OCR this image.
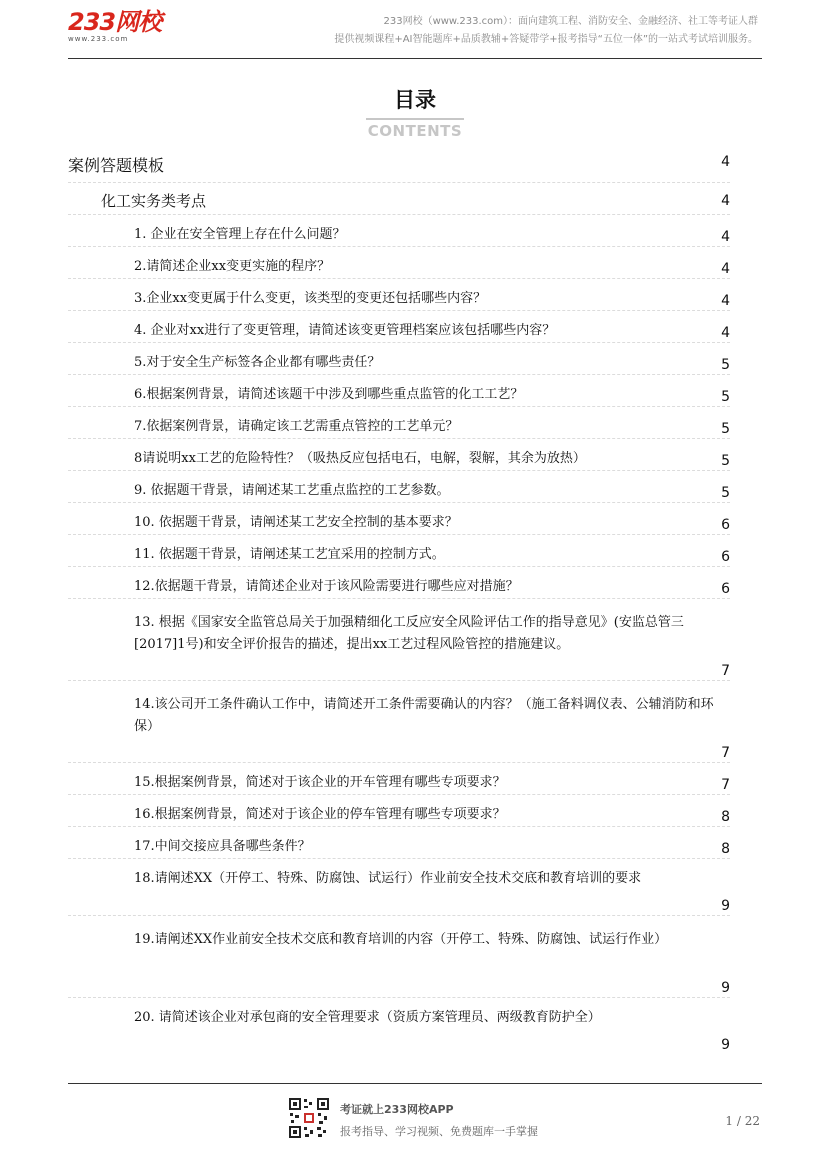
233网校
www.233.com
233网校（www.233.com）：面向建筑工程、消防安全、金融经济、社工等考证人群
提供视频课程+AI智能题库+品质教辅+答疑带学+报考指导“五位一体”的一站式考试培训服务。
目录
CONTENTS
案例答题模板	4
化工实务类考点	4
1. 企业在安全管理上存在什么问题？	4
2.请简述企业xx变更实施的程序？	4
3.企业xx变更属于什么变更，该类型的变更还包括哪些内容？	4
4. 企业对xx进行了变更管理，请简述该变更管理档案应该包括哪些内容？	4
5.对于安全生产标签各企业都有哪些责任？	5
6.根据案例背景，请简述该题干中涉及到哪些重点监管的化工工艺？	5
7.依据案例背景，请确定该工艺需重点管控的工艺单元？	5
8请说明xx工艺的危险特性？（吸热反应包括电石，电解，裂解，其余为放热）	5
9. 依据题干背景，请阐述某工艺重点监控的工艺参数。	5
10. 依据题干背景，请阐述某工艺安全控制的基本要求？	6
11. 依据题干背景，请阐述某工艺宜采用的控制方式。	6
12.依据题干背景，请简述企业对于该风险需要进行哪些应对措施？	6
13. 根据《国家安全监管总局关于加强精细化工反应安全风险评估工作的指导意见》(安监总管三[2017]1号)和安全评价报告的描述，提出xx工艺过程风险管控的措施建议。
7
14.该公司开工条件确认工作中，请简述开工条件需要确认的内容？（施工备料调仪表、公辅消防和环保）
7
15.根据案例背景，简述对于该企业的开车管理有哪些专项要求？	7
16.根据案例背景，简述对于该企业的停车管理有哪些专项要求？	8
17.中间交接应具备哪些条件？	8
18.请阐述XX（开停工、特殊、防腐蚀、试运行）作业前安全技术交底和教育培训的要求
9
19.请阐述XX作业前安全技术交底和教育培训的内容（开停工、特殊、防腐蚀、试运行作业）
9
20. 请简述该企业对承包商的安全管理要求（资质方案管理员、两级教育防护全）
9
考证就上233网校APP
报考指导、学习视频、免费题库一手掌握
1 / 22
